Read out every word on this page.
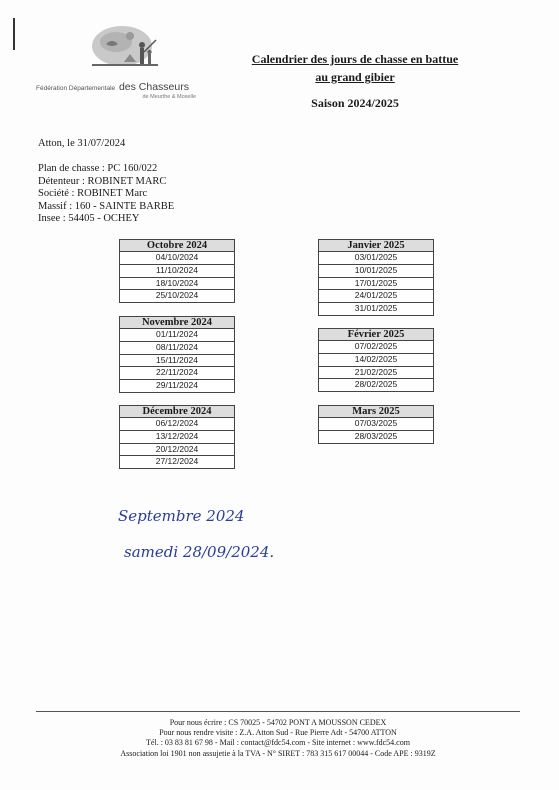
Fédération Départementale des Chasseurs
de Meurthe & Moselle
Calendrier des jours de chasse en battue
au grand gibier
Saison 2024/2025
Atton, le 31/07/2024
Plan de chasse : PC 160/022
Détenteur : ROBINET MARC
Société : ROBINET Marc
Massif : 160 - SAINTE BARBE
Insee : 54405 - OCHEY
Octobre 2024
04/10/2024
11/10/2024
18/10/2024
25/10/2024
Novembre 2024
01/11/2024
08/11/2024
15/11/2024
22/11/2024
29/11/2024
Décembre 2024
06/12/2024
13/12/2024
20/12/2024
27/12/2024
Janvier 2025
03/01/2025
10/01/2025
17/01/2025
24/01/2025
31/01/2025
Février 2025
07/02/2025
14/02/2025
21/02/2025
28/02/2025
Mars 2025
07/03/2025
28/03/2025
Septembre 2024
samedi 28/09/2024.
Pour nous écrire : CS 70025 - 54702 PONT A MOUSSON CEDEX
Pour nous rendre visite : Z.A. Atton Sud - Rue Pierre Adt - 54700 ATTON
Tél. : 03 83 81 67 98 - Mail : contact@fdc54.com - Site internet : www.fdc54.com
Association loi 1901 non assujetie à la TVA - N° SIRET : 783 315 617 00044 - Code APE : 9319Z
